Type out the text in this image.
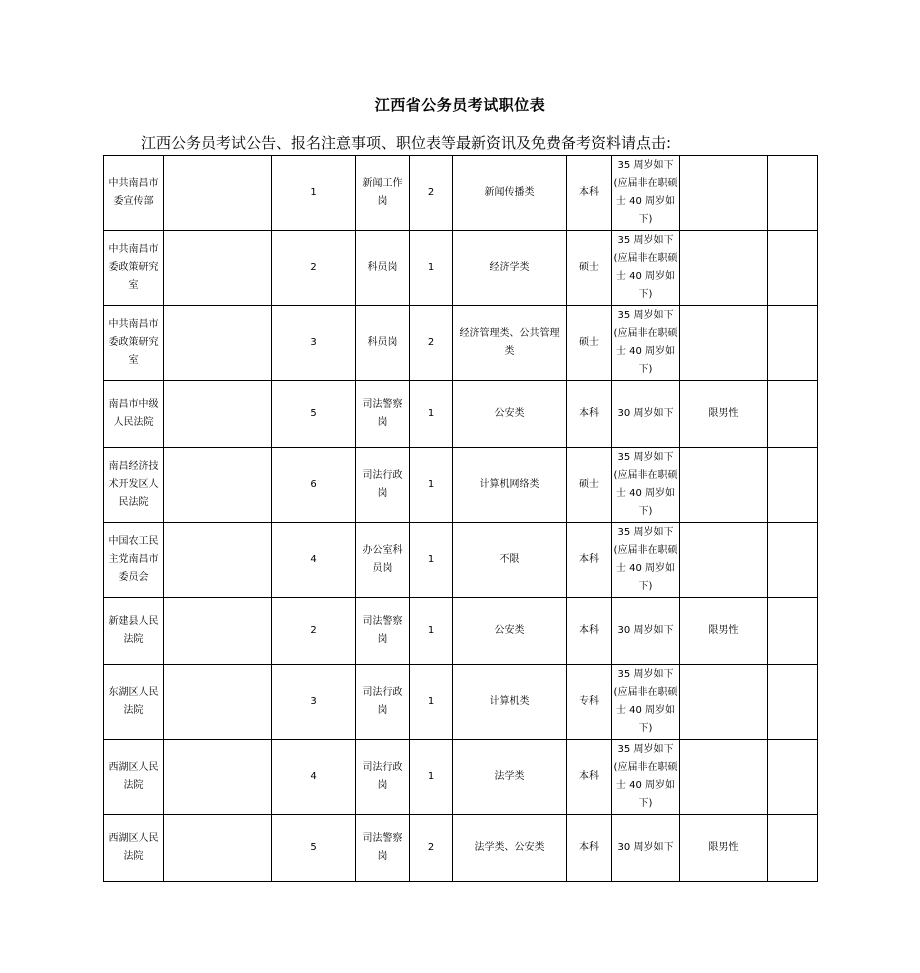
江西省公务员考试职位表
江西公务员考试公告、报名注意事项、职位表等最新资讯及免费备考资料请点击:
中共南昌市委宣传部		1	新闻工作岗	2	新闻传播类	本科	35 周岁如下(应届非在职硕士 40 周岁如下)		
中共南昌市委政策研究室		2	科员岗	1	经济学类	硕士	35 周岁如下(应届非在职硕士 40 周岁如下)		
中共南昌市委政策研究室		3	科员岗	2	经济管理类、公共管理类	硕士	35 周岁如下(应届非在职硕士 40 周岁如下)		
南昌市中级人民法院		5	司法警察岗	1	公安类	本科	30 周岁如下	限男性	
南昌经济技术开发区人民法院		6	司法行政岗	1	计算机网络类	硕士	35 周岁如下(应届非在职硕士 40 周岁如下)		
中国农工民主党南昌市委员会		4	办公室科员岗	1	不限	本科	35 周岁如下(应届非在职硕士 40 周岁如下)		
新建县人民法院		2	司法警察岗	1	公安类	本科	30 周岁如下	限男性	
东湖区人民法院		3	司法行政岗	1	计算机类	专科	35 周岁如下(应届非在职硕士 40 周岁如下)		
西湖区人民法院		4	司法行政岗	1	法学类	本科	35 周岁如下(应届非在职硕士 40 周岁如下)		
西湖区人民法院		5	司法警察岗	2	法学类、公安类	本科	30 周岁如下	限男性	
